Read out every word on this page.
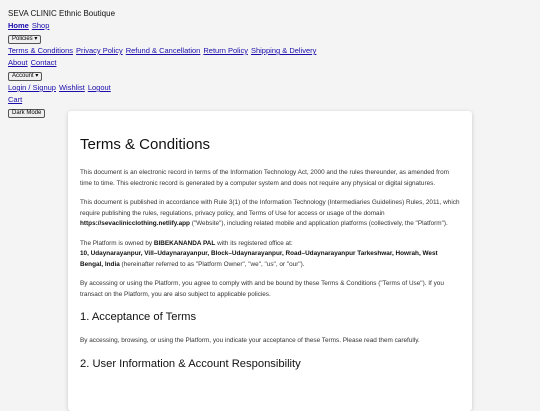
SEVA CLINIC Ethnic Boutique
Home Shop
Policies ▾
Terms & Conditions Privacy Policy Refund & Cancellation Return Policy Shipping & Delivery
About Contact
Account ▾
Login / Signup Wishlist Logout
Cart
Dark Mode
Terms & Conditions

This document is an electronic record in terms of the Information Technology Act, 2000 and the rules thereunder, as amended from time to time. This electronic record is generated by a computer system and does not require any physical or digital signatures.

This document is published in accordance with Rule 3(1) of the Information Technology (Intermediaries Guidelines) Rules, 2011, which require publishing the rules, regulations, privacy policy, and Terms of Use for access or usage of the domain https://sevaclinicclothing.netlify.app ("Website"), including related mobile and application platforms (collectively, the "Platform").

The Platform is owned by BIBEKANANDA PAL with its registered office at:
10, Udaynarayanpur, Vill–Udaynarayanpur, Block–Udaynarayanpur, Road–Udaynarayanpur Tarkeshwar, Howrah, West Bengal, India (hereinafter referred to as "Platform Owner", "we", "us", or "our").

By accessing or using the Platform, you agree to comply with and be bound by these Terms & Conditions ("Terms of Use"). If you transact on the Platform, you are also subject to applicable policies.

1. Acceptance of Terms

By accessing, browsing, or using the Platform, you indicate your acceptance of these Terms. Please read them carefully.

2. User Information & Account Responsibility
